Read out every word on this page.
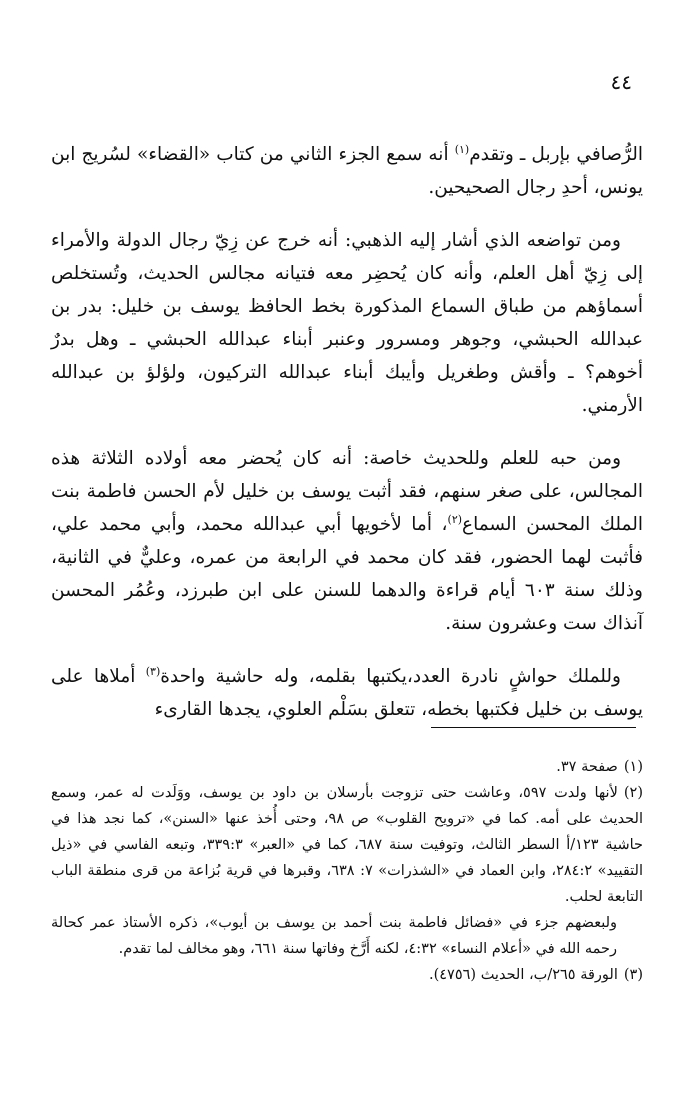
٤٤

الرُّصافي بإربل ـ وتقدم$^{(١)}$ أنه سمع الجزء الثاني من كتاب «القضاء» لسُريج ابن يونس، أحدِ رجال الصحيحين.

ومن تواضعه الذي أشار إليه الذهبي: أنه خرج عن زِيّ رجال الدولة والأمراء إلى زِيّ أهل العلم، وأنه كان يُحضِر معه فتيانه مجالس الحديث، وتُستخلص أسماؤهم من طباق السماع المذكورة بخط الحافظ يوسف بن خليل: بدر بن عبدالله الحبشي، وجوهر ومسرور وعنبر أبناء عبدالله الحبشي ـ وهل بدرٌ أخوهم؟ ـ وأقش وطغريل وأيبك أبناء عبدالله التركيون، ولؤلؤ بن عبدالله الأرمني.

ومن حبه للعلم وللحديث خاصة: أنه كان يُحضر معه أولاده الثلاثة هذه المجالس، على صغر سنهم، فقد أثبت يوسف بن خليل لأم الحسن فاطمة بنت الملك المحسن السماع$^{(٢)}$، أما لأخويها أبي عبدالله محمد، وأبي محمد علي، فأثبت لهما الحضور، فقد كان محمد في الرابعة من عمره، وعليٌّ في الثانية، وذلك سنة ٦٠٣ أيام قراءة والدهما للسنن على ابن طبرزد، وعُمُر المحسن آنذاك ست وعشرون سنة.

وللملك حواشٍ نادرة العدد،يكتبها بقلمه، وله حاشية واحدة$^{(٣)}$ أملاها على يوسف بن خليل فكتبها بخطه، تتعلق بسَلْم العلوي، يجدها القارىء

(١)صفحة ٣٧.

(٢)لأنها ولدت ٥٩٧، وعاشت حتى تزوجت بأرسلان بن داود بن يوسف، ووَلَدت له عمر، وسمع الحديث على أمه. كما في «ترويح القلوب» ص ٩٨، وحتى أُخذ عنها «السنن»، كما نجد هذا في حاشية ١٢٣/أ السطر الثالث، وتوفيت سنة ٦٨٧، كما في «العبر» ٣٣٩:٣، وتبعه الفاسي في «ذيل التقييد» ٢٨٤:٢، وابن العماد في «الشذرات» ٧: ٦٣٨، وقبرها في قرية بُزاعة من قرى منطقة الباب التابعة لحلب.

ولبعضهم جزء في «فضائل فاطمة بنت أحمد بن يوسف بن أيوب»، ذكره الأستاذ عمر كحالة رحمه الله في «أعلام النساء» ٤:٣٢، لكنه أَرَّخ وفاتها سنة ٦٦١، وهو مخالف لما تقدم.

(٣)الورقة ٢٦٥/ب، الحديث (٤٧٥٦).
